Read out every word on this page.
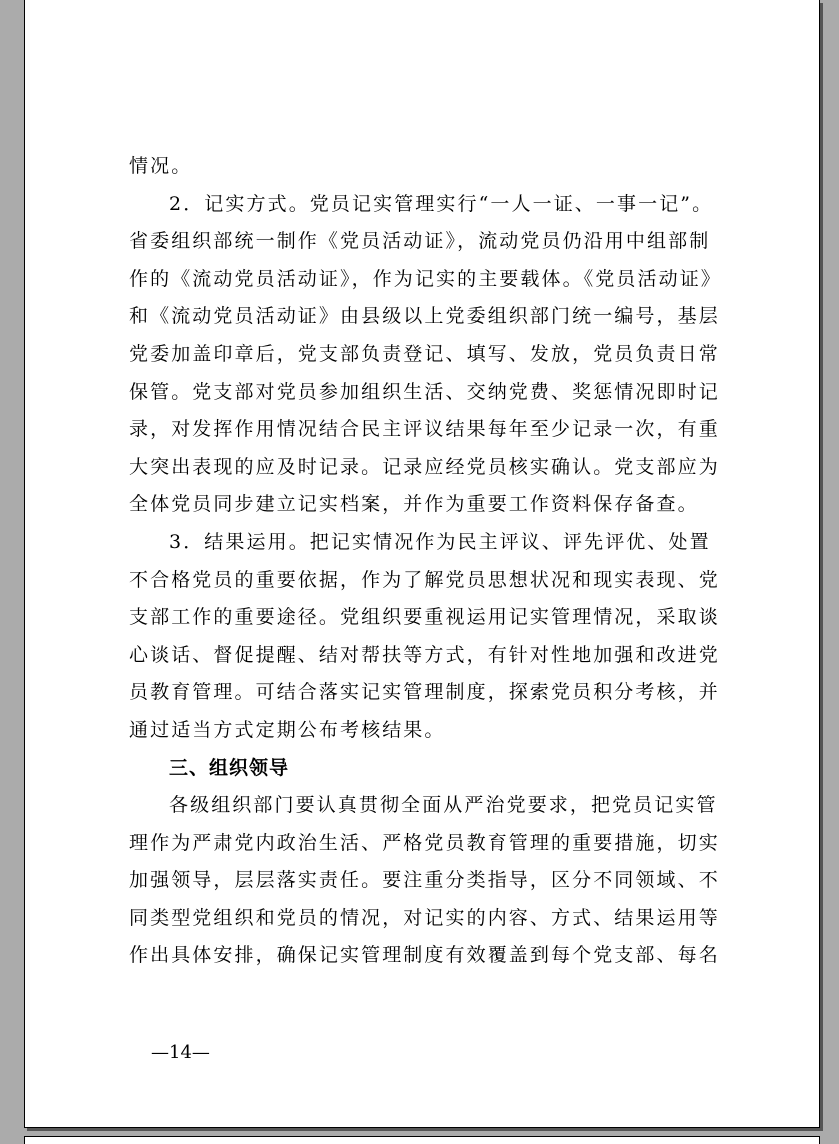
情况。
2．记实方式。党员记实管理实行“一人一证、一事一记”。
省委组织部统一制作《党员活动证》，流动党员仍沿用中组部制
作的《流动党员活动证》，作为记实的主要载体。《党员活动证》
和《流动党员活动证》由县级以上党委组织部门统一编号，基层
党委加盖印章后，党支部负责登记、填写、发放，党员负责日常
保管。党支部对党员参加组织生活、交纳党费、奖惩情况即时记
录，对发挥作用情况结合民主评议结果每年至少记录一次，有重
大突出表现的应及时记录。记录应经党员核实确认。党支部应为
全体党员同步建立记实档案，并作为重要工作资料保存备查。
3．结果运用。把记实情况作为民主评议、评先评优、处置
不合格党员的重要依据，作为了解党员思想状况和现实表现、党
支部工作的重要途径。党组织要重视运用记实管理情况，采取谈
心谈话、督促提醒、结对帮扶等方式，有针对性地加强和改进党
员教育管理。可结合落实记实管理制度，探索党员积分考核，并
通过适当方式定期公布考核结果。
三、组织领导
各级组织部门要认真贯彻全面从严治党要求，把党员记实管
理作为严肃党内政治生活、严格党员教育管理的重要措施，切实
加强领导，层层落实责任。要注重分类指导，区分不同领域、不
同类型党组织和党员的情况，对记实的内容、方式、结果运用等
作出具体安排，确保记实管理制度有效覆盖到每个党支部、每名
—14—
